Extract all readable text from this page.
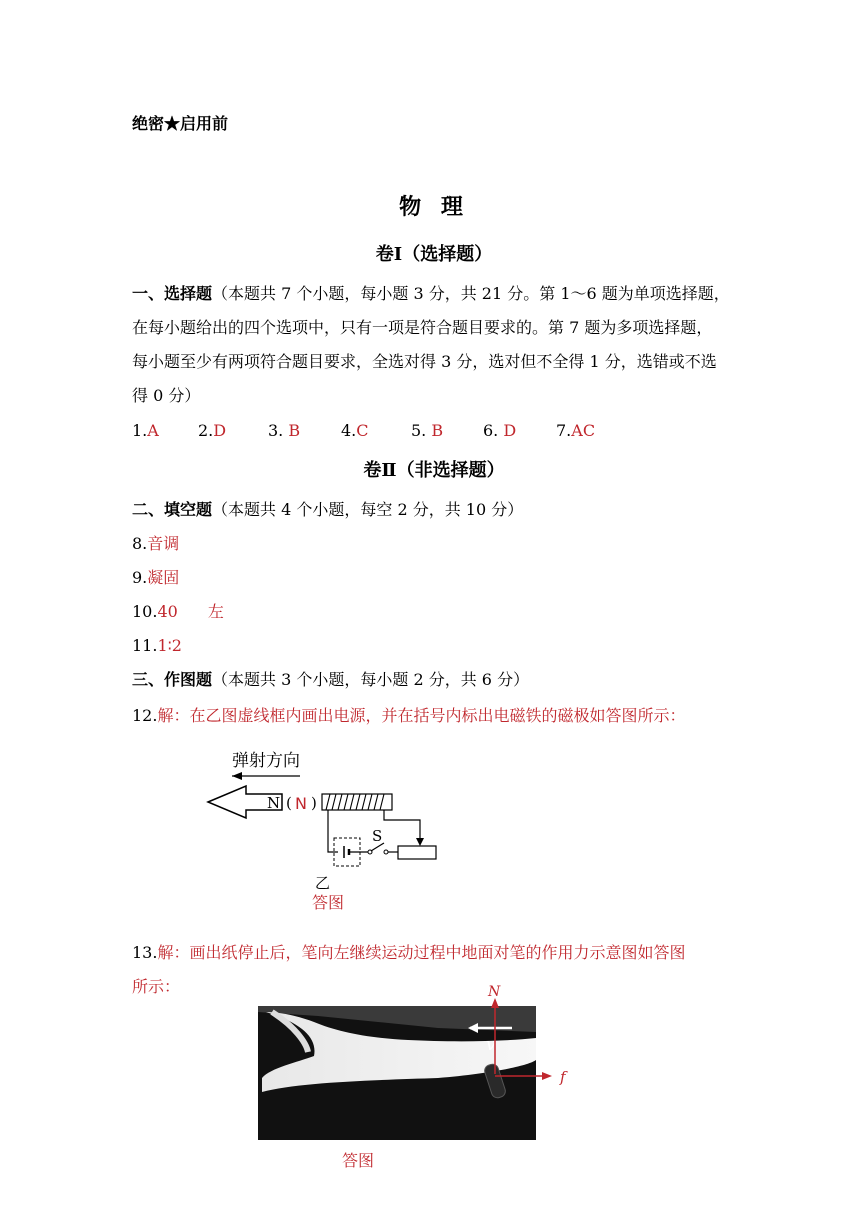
绝密★启用前
物 理
卷Ⅰ（选择题）
一、选择题（本题共 7 个小题，每小题 3 分，共 21 分。第 1～6 题为单项选择题，
在每小题给出的四个选项中，只有一项是符合题目要求的。第 7 题为多项选择题，
每小题至少有两项符合题目要求，全选对得 3 分，选对但不全得 1 分，选错或不选
得 0 分）
1.A 2.D	3. B	4.C	5. B 6. D 7.AC
卷Ⅱ（非选择题）
二、填空题（本题共 4 个小题，每空 2 分，共 10 分）
8.音调
9.凝固
10.40 左
11.1∶2
三、作图题（本题共 3 个小题，每小题 2 分，共 6 分）
12.解：在乙图虚线框内画出电源，并在括号内标出电磁铁的磁极如答图所示：
弹射方向
N ( N )
S
乙
答图
13.解：画出纸停止后，笔向左继续运动过程中地面对笔的作用力示意图如答图
所示：
v
N
f
答图
